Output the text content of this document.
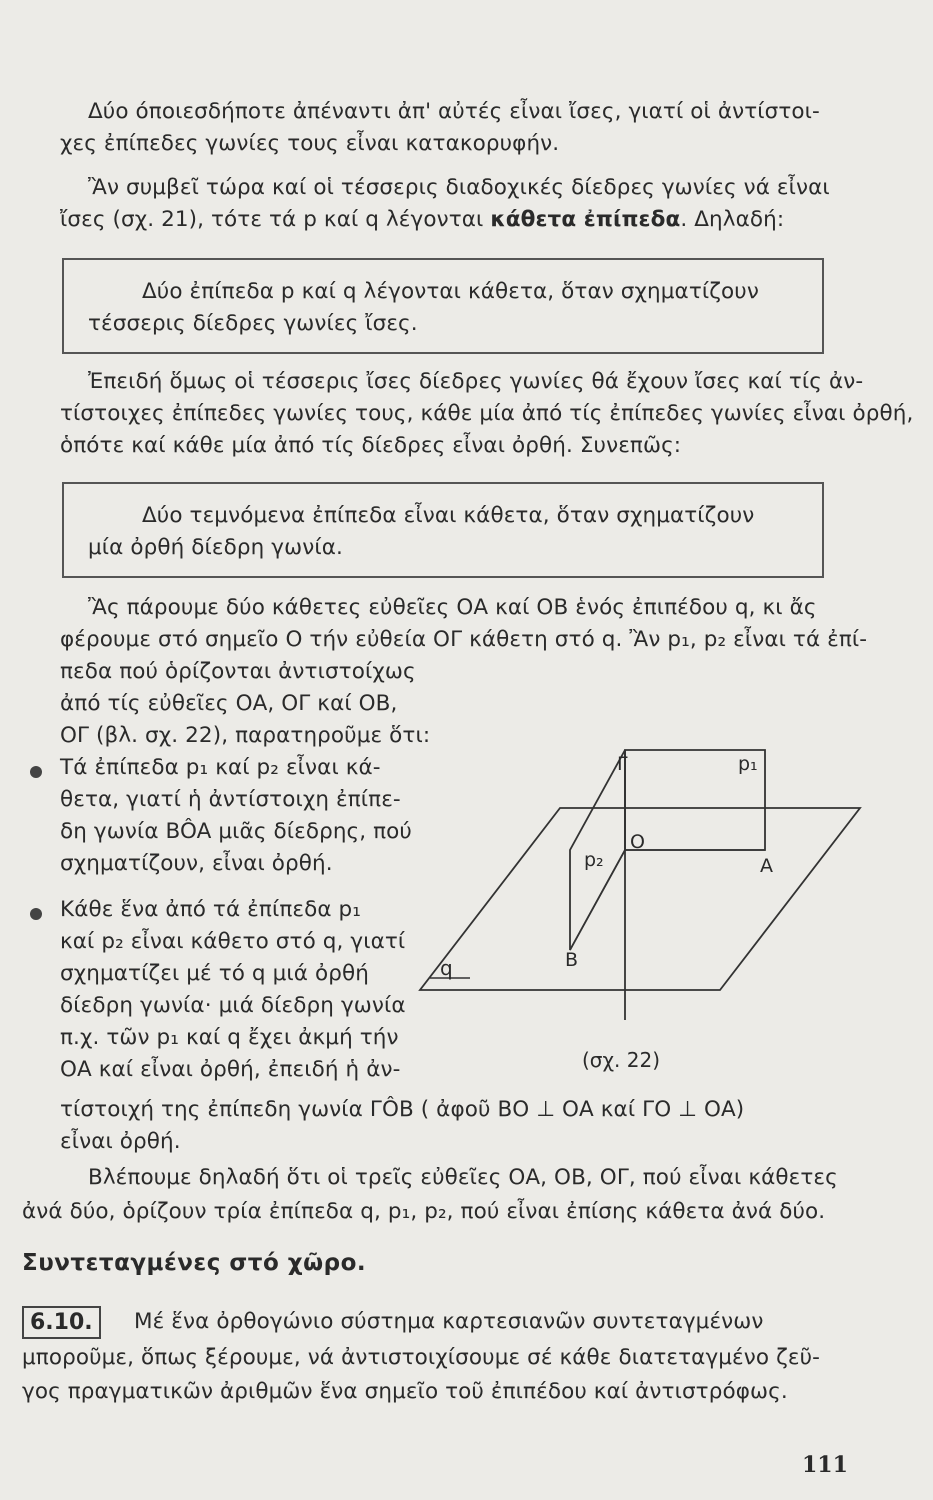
Δύο όποιεσδήποτε ἀπέναντι ἀπ' αὐτές εἶναι ἴσες, γιατί οἱ ἀντίστοι-
χες ἐπίπεδες γωνίες τους εἶναι κατακορυφήν.
Ἂν συμβεῖ τώρα καί οἱ τέσσερις διαδοχικές δίεδρες γωνίες νά εἶναι
ἴσες (σχ. 21), τότε τά p καί q λέγονται κάθετα ἐπίπεδα. Δηλαδή:
Δύο ἐπίπεδα p καί q λέγονται κάθετα, ὅταν σχηματίζουν
τέσσερις δίεδρες γωνίες ἴσες.
Ἐπειδή ὅμως οἱ τέσσερις ἴσες δίεδρες γωνίες θά ἔχουν ἴσες καί τίς ἀν-
τίστοιχες ἐπίπεδες γωνίες τους, κάθε μία ἀπό τίς ἐπίπεδες γωνίες εἶναι ὀρθή,
ὁπότε καί κάθε μία ἀπό τίς δίεδρες εἶναι ὀρθή. Συνεπῶς:
Δύο τεμνόμενα ἐπίπεδα εἶναι κάθετα, ὅταν σχηματίζουν
μία ὀρθή δίεδρη γωνία.
Ἂς πάρουμε δύο κάθετες εὐθεῖες ΟΑ καί ΟΒ ἑνός ἐπιπέδου q, κι ἄς
φέρουμε στό σημεῖο Ο τήν εὐθεία ΟΓ κάθετη στό q. Ἂν p₁, p₂ εἶναι τά ἐπί-
πεδα πού ὁρίζονται ἀντιστοίχως
ἀπό τίς εὐθεῖες ΟΑ, ΟΓ καί ΟΒ,
ΟΓ (βλ. σχ. 22), παρατηροῦμε ὅτι:
Τά ἐπίπεδα p₁ καί p₂ εἶναι κά-
θετα, γιατί ἡ ἀντίστοιχη ἐπίπε-
δη γωνία BÔA μιᾶς δίεδρης, πού
σχηματίζουν, εἶναι ὀρθή.
Κάθε ἕνα ἀπό τά ἐπίπεδα p₁
καί p₂ εἶναι κάθετο στό q, γιατί
σχηματίζει μέ τό q μιά ὀρθή
δίεδρη γωνία· μιά δίεδρη γωνία
π.χ. τῶν p₁ καί q ἔχει ἀκμή τήν
ΟΑ καί εἶναι ὀρθή, ἐπειδή ἡ ἀν-
Γ	p₁
p₂
O
A
B
q
(σχ. 22)
τίστοιχή της ἐπίπεδη γωνία ΓÔΒ ( ἀφοῦ ΒΟ ⊥ ΟΑ καί ΓΟ ⊥ ΟΑ)
εἶναι ὀρθή.
Βλέπουμε δηλαδή ὅτι οἱ τρεῖς εὐθεῖες ΟΑ, ΟΒ, ΟΓ, πού εἶναι κάθετες
ἀνά δύο, ὁρίζουν τρία ἐπίπεδα q, p₁, p₂, πού εἶναι ἐπίσης κάθετα ἀνά δύο.
Συντεταγμένες στό χῶρο.
6.10.	Μέ ἕνα ὀρθογώνιο σύστημα καρτεσιανῶν συντεταγμένων
μποροῦμε, ὅπως ξέρουμε, νά ἀντιστοιχίσουμε σέ κάθε διατεταγμένο ζεῦ-
γος πραγματικῶν ἀριθμῶν ἕνα σημεῖο τοῦ ἐπιπέδου καί ἀντιστρόφως.
111
